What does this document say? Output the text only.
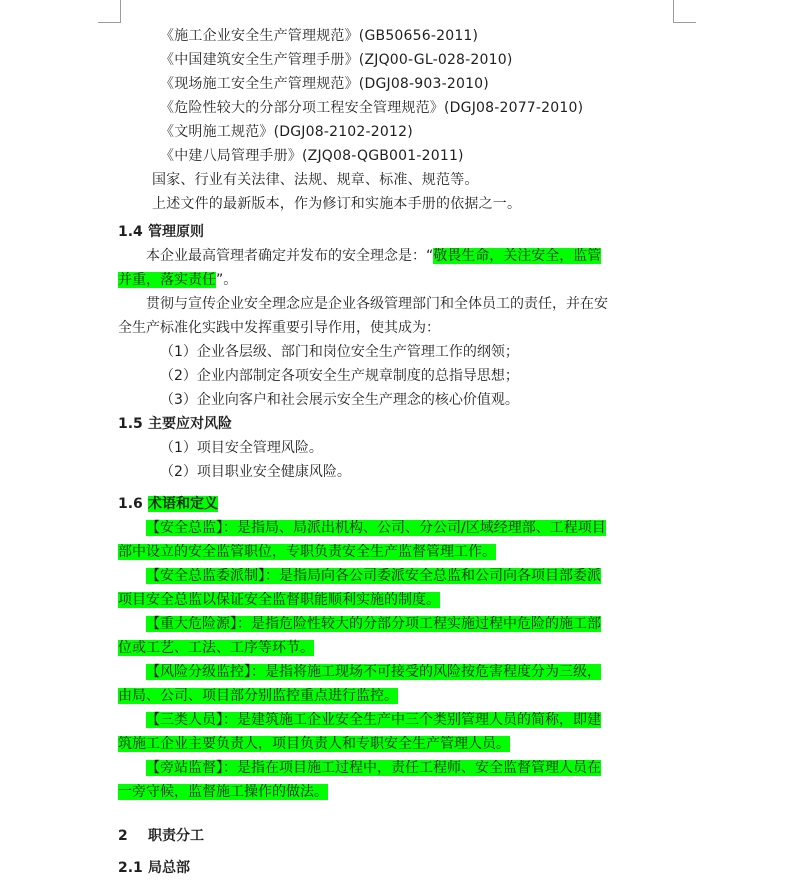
《施工企业安全生产管理规范》(GB50656-2011)
《中国建筑安全生产管理手册》(ZJQ00-GL-028-2010)
《现场施工安全生产管理规范》(DGJ08-903-2010)
《危险性较大的分部分项工程安全管理规范》(DGJ08-2077-2010)
《文明施工规范》(DGJ08-2102-2012)
《中建八局管理手册》(ZJQ08-QGB001-2011)
国家、行业有关法律、法规、规章、标准、规范等。
上述文件的最新版本，作为修订和实施本手册的依据之一。
1.4 管理原则
本企业最高管理者确定并发布的安全理念是：“敬畏生命，关注安全，监管
并重，落实责任”。
贯彻与宣传企业安全理念应是企业各级管理部门和全体员工的责任，并在安
全生产标准化实践中发挥重要引导作用，使其成为：
（1）企业各层级、部门和岗位安全生产管理工作的纲领；
（2）企业内部制定各项安全生产规章制度的总指导思想；
（3）企业向客户和社会展示安全生产理念的核心价值观。
1.5 主要应对风险
（1）项目安全管理风险。
（2）项目职业安全健康风险。
1.6 术语和定义
【安全总监】：是指局、局派出机构、公司、分公司/区域经理部、工程项目
部中设立的安全监管职位，专职负责安全生产监督管理工作。
【安全总监委派制】：是指局向各公司委派安全总监和公司向各项目部委派
项目安全总监以保证安全监督职能顺利实施的制度。
【重大危险源】：是指危险性较大的分部分项工程实施过程中危险的施工部
位或工艺、工法、工序等环节。
【风险分级监控】：是指将施工现场不可接受的风险按危害程度分为三级，
由局、公司、项目部分别监控重点进行监控。
【三类人员】：是建筑施工企业安全生产中三个类别管理人员的简称，即建
筑施工企业主要负责人，项目负责人和专职安全生产管理人员。
【旁站监督】：是指在项目施工过程中，责任工程师、安全监督管理人员在
一旁守候，监督施工操作的做法。
2 职责分工
2.1 局总部
